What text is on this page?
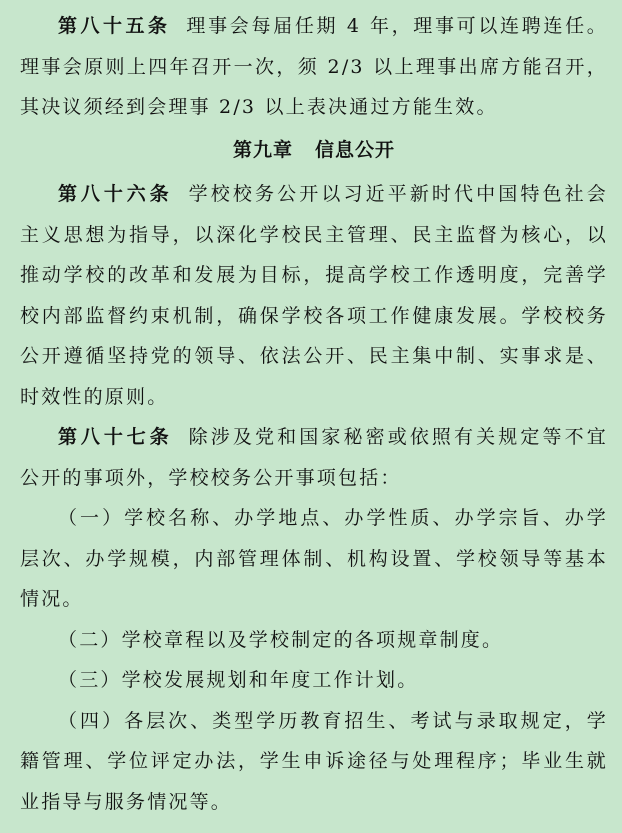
第八十五条 理事会每届任期 4 年，理事可以连聘连任。理事会原则上四年召开一次，须 2/3 以上理事出席方能召开，其决议须经到会理事 2/3 以上表决通过方能生效。

第九章 信息公开

第八十六条 学校校务公开以习近平新时代中国特色社会主义思想为指导，以深化学校民主管理、民主监督为核心，以推动学校的改革和发展为目标，提高学校工作透明度，完善学校内部监督约束机制，确保学校各项工作健康发展。学校校务公开遵循坚持党的领导、依法公开、民主集中制、实事求是、时效性的原则。

第八十七条 除涉及党和国家秘密或依照有关规定等不宜公开的事项外，学校校务公开事项包括：

（一）学校名称、办学地点、办学性质、办学宗旨、办学层次、办学规模，内部管理体制、机构设置、学校领导等基本情况。

（二）学校章程以及学校制定的各项规章制度。

（三）学校发展规划和年度工作计划。

（四）各层次、类型学历教育招生、考试与录取规定，学籍管理、学位评定办法，学生申诉途径与处理程序；毕业生就业指导与服务情况等。
